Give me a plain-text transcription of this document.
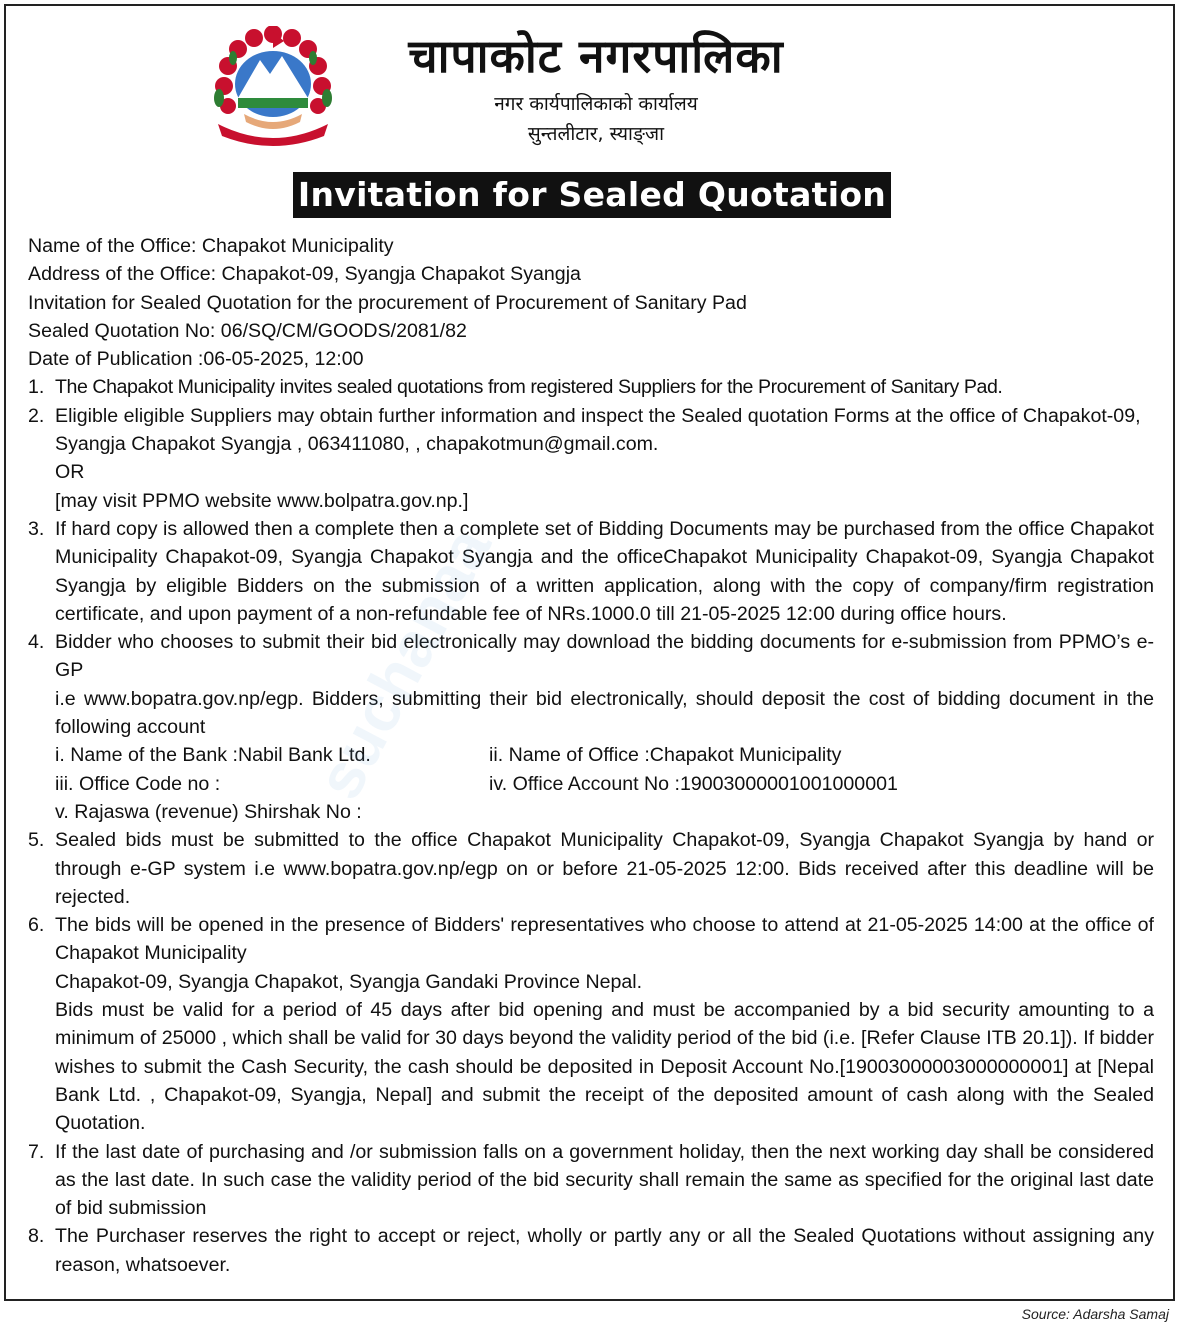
चापाकोट नगरपालिका
नगर कार्यपालिकाको कार्यालय
सुन्तलीटार, स्याङ्जा
Invitation for Sealed Quotation
Name of the Office: Chapakot Municipality
Address of the Office: Chapakot-09, Syangja Chapakot Syangja
Invitation for Sealed Quotation for the procurement of Procurement of Sanitary Pad
Sealed Quotation No: 06/SQ/CM/GOODS/2081/82
Date of Publication :06-05-2025, 12:00
1. The Chapakot Municipality invites sealed quotations from registered Suppliers for the Procurement of Sanitary Pad.

2. Eligible eligible Suppliers may obtain further information and inspect the Sealed quotation Forms at the office of Chapakot-09, Syangja Chapakot Syangja , 063411080, , chapakotmun@gmail.com.

OR

[may visit PPMO website www.bolpatra.gov.np.]

3. If hard copy is allowed then a complete then a complete set of Bidding Documents may be purchased from the office Chapakot Municipality Chapakot-09, Syangja Chapakot Syangja and the officeChapakot Municipality Chapakot-09, Syangja Chapakot Syangja by eligible Bidders on the submission of a written application, along with the copy of company/firm registration certificate, and upon payment of a non-refundable fee of NRs.1000.0 till 21-05-2025 12:00 during office hours.

4. Bidder who chooses to submit their bid electronically may download the bidding documents for e-submission from PPMO’s e-GP

i.e www.bopatra.gov.np/egp. Bidders, submitting their bid electronically, should deposit the cost of bidding document in the following account

i. Name of the Bank :Nabil Bank Ltd.	ii. Name of Office :Chapakot Municipality
iii. Office Code no :	iv. Office Account No :19003000001001000001

v. Rajaswa (revenue) Shirshak No :

5. Sealed bids must be submitted to the office Chapakot Municipality Chapakot-09, Syangja Chapakot Syangja by hand or through e-GP system i.e www.bopatra.gov.np/egp on or before 21-05-2025 12:00. Bids received after this deadline will be rejected.

6. The bids will be opened in the presence of Bidders' representatives who choose to attend at 21-05-2025 14:00 at the office of Chapakot Municipality

Chapakot-09, Syangja Chapakot, Syangja Gandaki Province Nepal.

Bids must be valid for a period of 45 days after bid opening and must be accompanied by a bid security amounting to a minimum of 25000 , which shall be valid for 30 days beyond the validity period of the bid (i.e. [Refer Clause ITB 20.1]). If bidder wishes to submit the Cash Security, the cash should be deposited in Deposit Account No.[19003000003000000001] at [Nepal Bank Ltd. , Chapakot-09, Syangja, Nepal] and submit the receipt of the deposited amount of cash along with the Sealed Quotation.

7. If the last date of purchasing and /or submission falls on a government holiday, then the next working day shall be considered as the last date. In such case the validity period of the bid security shall remain the same as specified for the original last date of bid submission

8. The Purchaser reserves the right to accept or reject, wholly or partly any or all the Sealed Quotations without assigning any reason, whatsoever.

suchanaa
Source: Adarsha Samaj
